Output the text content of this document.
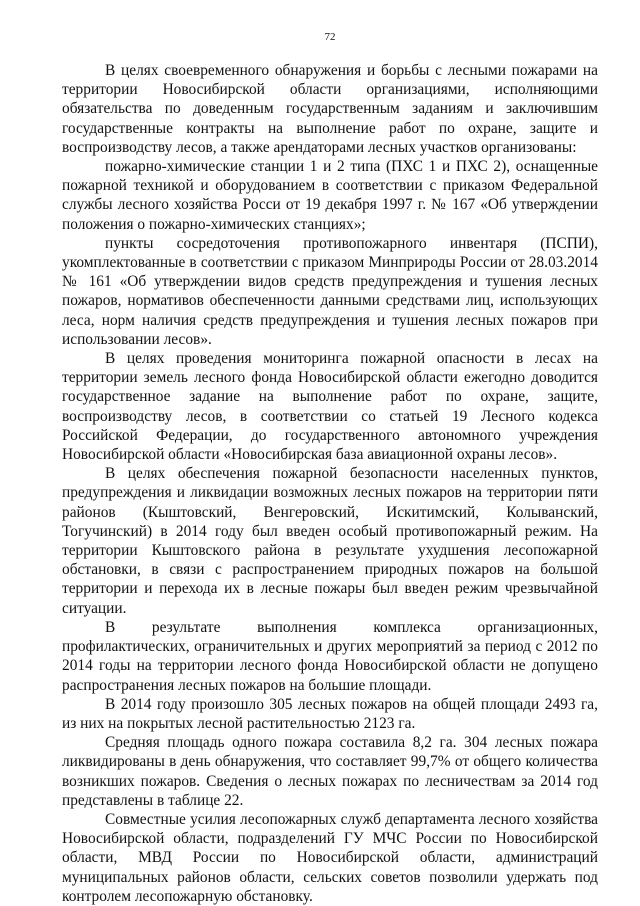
72

В целях своевременного обнаружения и борьбы с лесными пожарами на территории Новосибирской области организациями, исполняющими обязательства по доведенным государственным заданиям и заключившим государственные контракты на выполнение работ по охране, защите и воспроизводству лесов, а также арендаторами лесных участков организованы:

пожарно-химические станции 1 и 2 типа (ПХС 1 и ПХС 2), оснащенные пожарной техникой и оборудованием в соответствии с приказом Федеральной службы лесного хозяйства Росси от 19 декабря 1997 г. № 167 «Об утверждении положения о пожарно-химических станциях»;

пункты сосредоточения противопожарного инвентаря (ПСПИ), укомплектованные в соответствии с приказом Минприроды России от 28.03.2014 № 161 «Об утверждении видов средств предупреждения и тушения лесных пожаров, нормативов обеспеченности данными средствами лиц, использующих леса, норм наличия средств предупреждения и тушения лесных пожаров при использовании лесов».

В целях проведения мониторинга пожарной опасности в лесах на территории земель лесного фонда Новосибирской области ежегодно доводится государственное задание на выполнение работ по охране, защите, воспроизводству лесов, в соответствии со статьей 19 Лесного кодекса Российской Федерации, до государственного автономного учреждения Новосибирской области «Новосибирская база авиационной охраны лесов».

В целях обеспечения пожарной безопасности населенных пунктов, предупреждения и ликвидации возможных лесных пожаров на территории пяти районов (Кыштовский, Венгеровский, Искитимский, Колыванский, Тогучинский) в 2014 году был введен особый противопожарный режим. На территории Кыштовского района в результате ухудшения лесопожарной обстановки, в связи с распространением природных пожаров на большой территории и перехода их в лесные пожары был введен режим чрезвычайной ситуации.

В результате выполнения комплекса организационных, профилактических, ограничительных и других мероприятий за период с 2012 по 2014 годы на территории лесного фонда Новосибирской области не допущено распространения лесных пожаров на большие площади.

В 2014 году произошло 305 лесных пожаров на общей площади 2493 га, из них на покрытых лесной растительностью 2123 га.

Средняя площадь одного пожара составила 8,2 га. 304 лесных пожара ликвидированы в день обнаружения, что составляет 99,7% от общего количества возникших пожаров. Сведения о лесных пожарах по лесничествам за 2014 год представлены в таблице 22.

Совместные усилия лесопожарных служб департамента лесного хозяйства Новосибирской области, подразделений ГУ МЧС России по Новосибирской области, МВД России по Новосибирской области, администраций муниципальных районов области, сельских советов позволили удержать под контролем лесопожарную обстановку.
